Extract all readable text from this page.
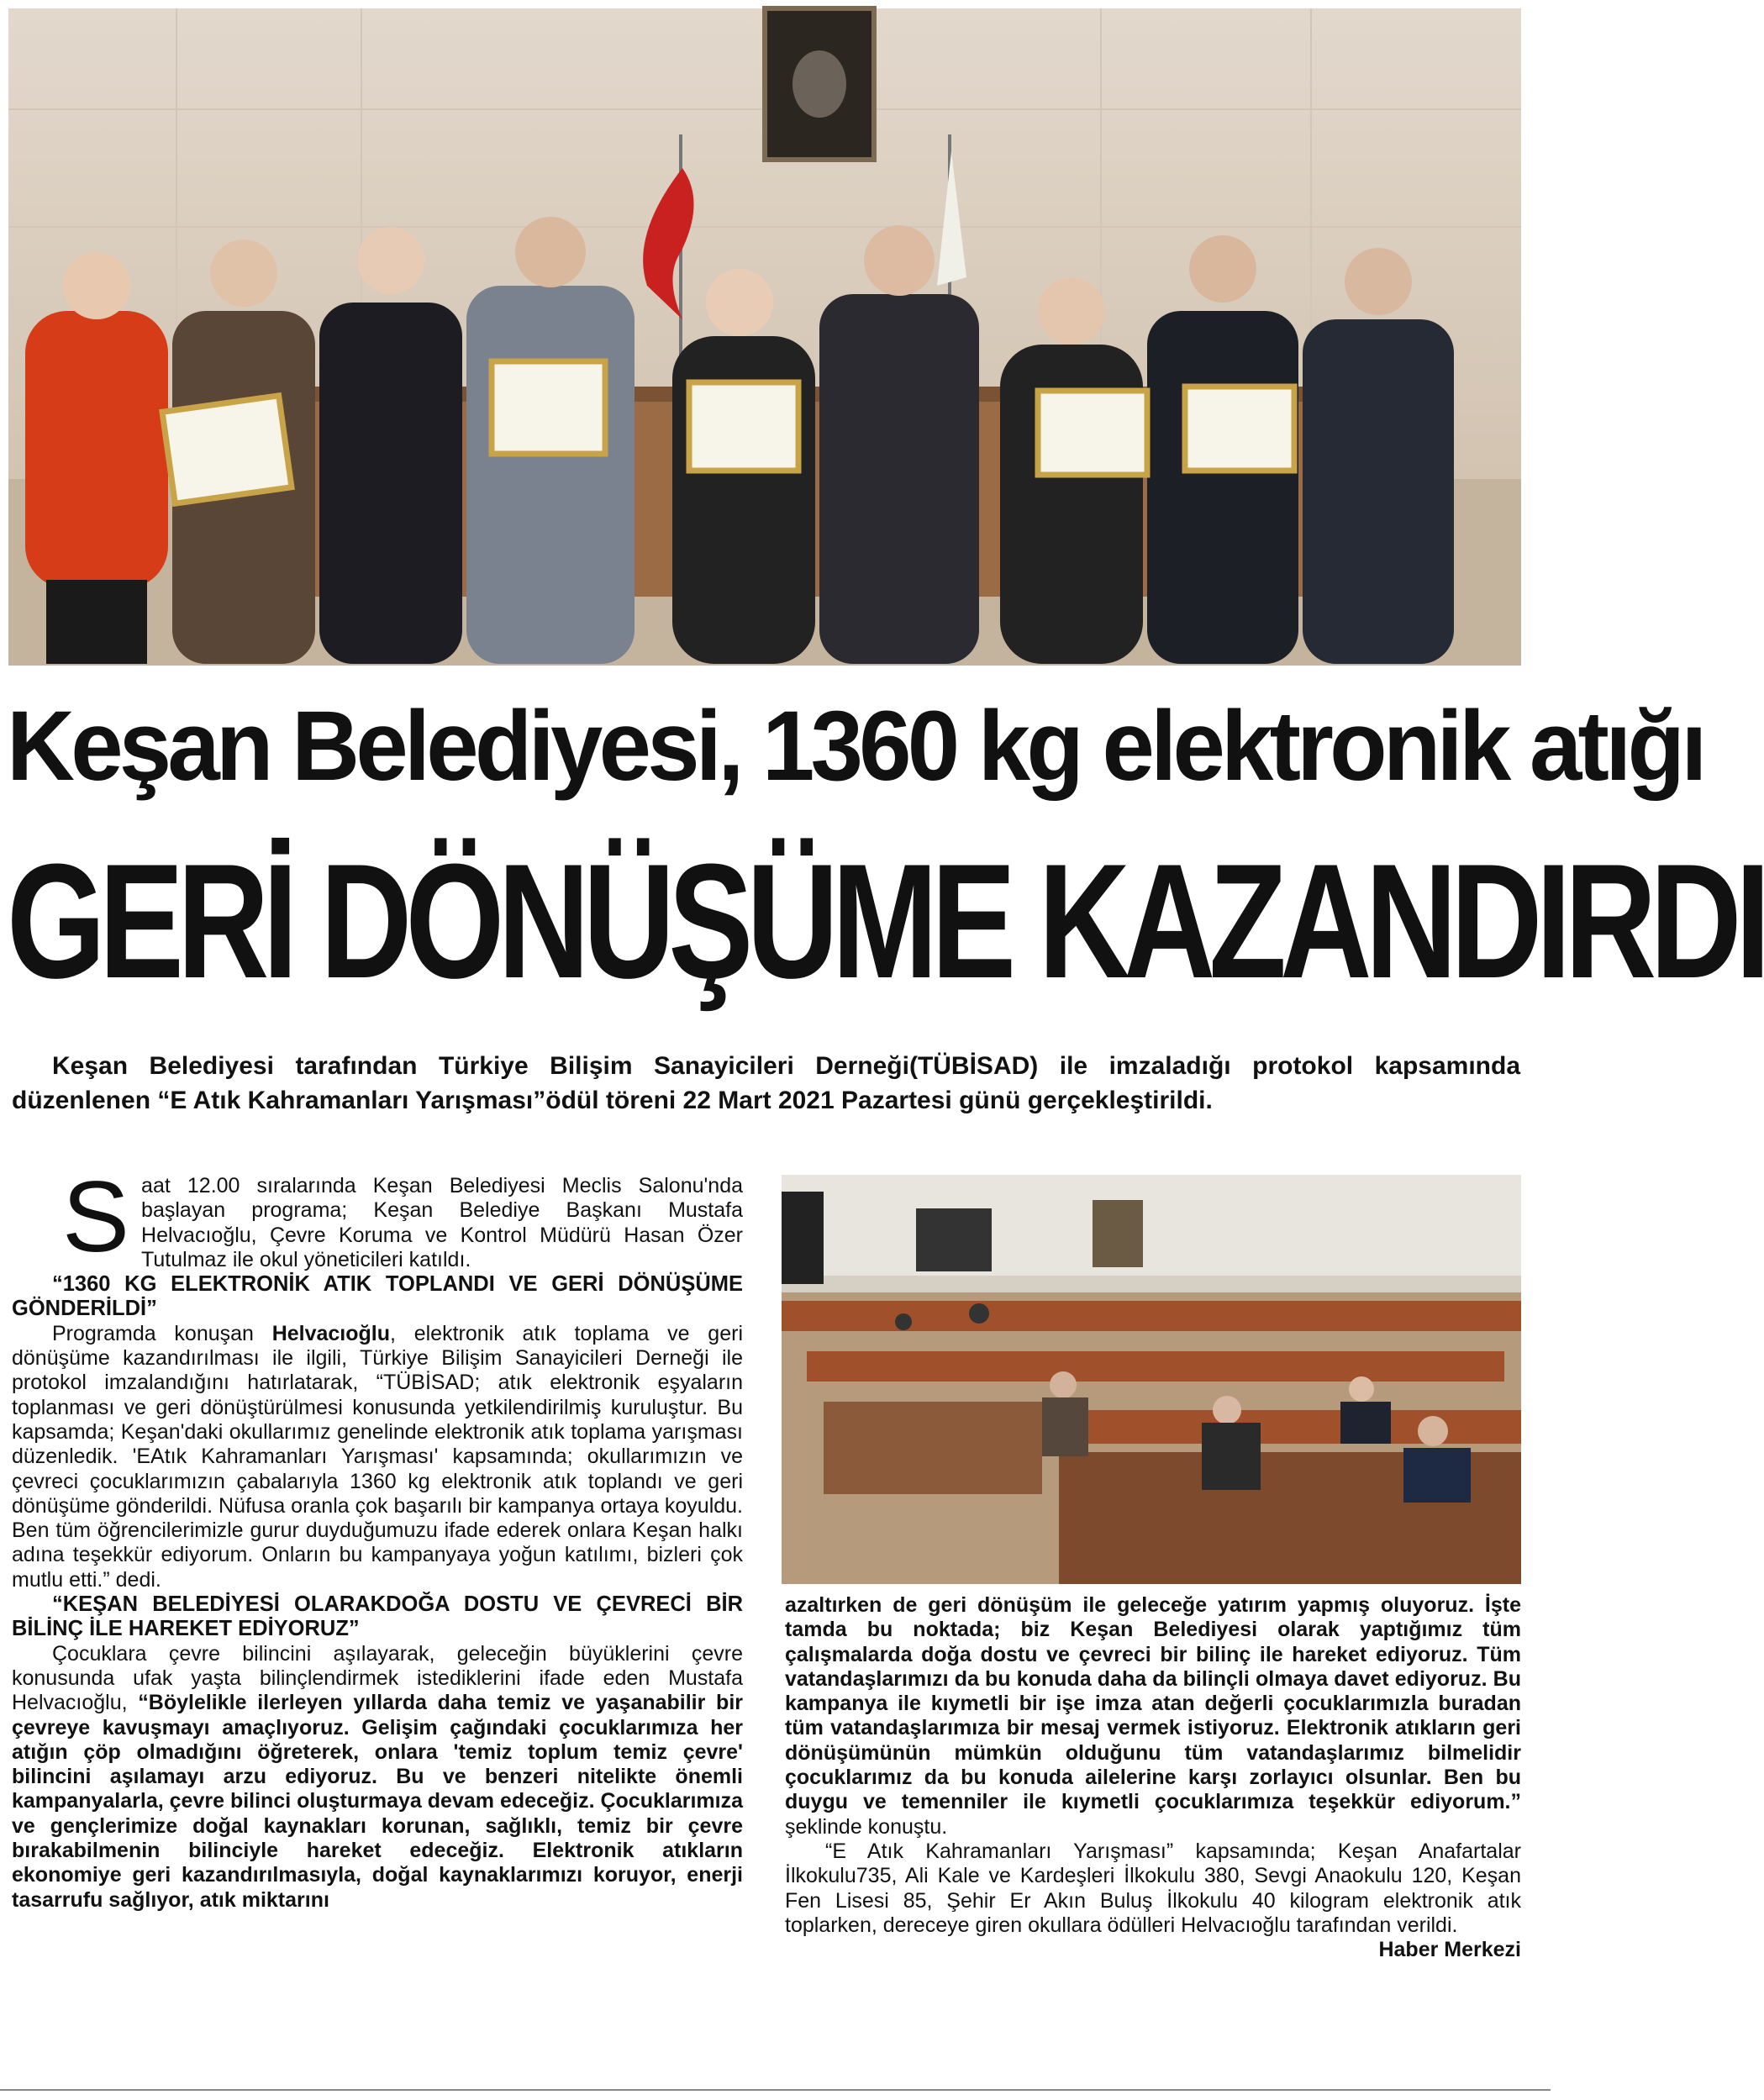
Keşan Belediyesi, 1360 kg elektronik atığı
GERİ DÖNÜŞÜME KAZANDIRDI

Keşan Belediyesi tarafından Türkiye Bilişim Sanayicileri Derneği(TÜBİSAD) ile imzaladığı protokol kapsamında düzenlenen “E Atık Kahramanları Yarışması”ödül töreni 22 Mart 2021 Pazartesi günü gerçekleştirildi.

S aat 12.00 sıralarında Keşan Belediyesi Meclis Salonu'nda başlayan programa; Keşan Belediye Başkanı Mustafa Helvacıoğlu, Çevre Koruma ve Kontrol Müdürü Hasan Özer Tutulmaz ile okul yöneticileri katıldı.

“1360 KG ELEKTRONİK ATIK TOPLANDI VE GERİ DÖNÜŞÜME GÖNDERİLDİ”

Programda konuşan Helvacıoğlu, elektronik atık toplama ve geri dönüşüme kazandırılması ile ilgili, Türkiye Bilişim Sanayicileri Derneği ile protokol imzalandığını hatırlatarak, “TÜBİSAD; atık elektronik eşyaların toplanması ve geri dönüştürülmesi konusunda yetkilendirilmiş kuruluştur. Bu kapsamda; Keşan'daki okullarımız genelinde elektronik atık toplama yarışması düzenledik. 'EAtık Kahramanları Yarışması' kapsamında; okullarımızın ve çevreci çocuklarımızın çabalarıyla 1360 kg elektronik atık toplandı ve geri dönüşüme gönderildi. Nüfusa oranla çok başarılı bir kampanya ortaya koyuldu. Ben tüm öğrencilerimizle gurur duyduğumuzu ifade ederek onlara Keşan halkı adına teşekkür ediyorum. Onların bu kampanyaya yoğun katılımı, bizleri çok mutlu etti.” dedi.

“KEŞAN BELEDİYESİ OLARAKDOĞA DOSTU VE ÇEVRECİ BİR BİLİNÇ İLE HAREKET EDİYORUZ”

Çocuklara çevre bilincini aşılayarak, geleceğin büyüklerini çevre konusunda ufak yaşta bilinçlendirmek istediklerini ifade eden Mustafa Helvacıoğlu, “Böylelikle ilerleyen yıllarda daha temiz ve yaşanabilir bir çevreye kavuşmayı amaçlıyoruz. Gelişim çağındaki çocuklarımıza her atığın çöp olmadığını öğreterek, onlara 'temiz toplum temiz çevre' bilincini aşılamayı arzu ediyoruz. Bu ve benzeri nitelikte önemli kampanyalarla, çevre bilinci oluşturmaya devam edeceğiz. Çocuklarımıza ve gençlerimize doğal kaynakları korunan, sağlıklı, temiz bir çevre bırakabilmenin bilinciyle hareket edeceğiz. Elektronik atıkların ekonomiye geri kazandırılmasıyla, doğal kaynaklarımızı koruyor, enerji tasarrufu sağlıyor, atık miktarını

azaltırken de geri dönüşüm ile geleceğe yatırım yapmış oluyoruz. İşte tamda bu noktada; biz Keşan Belediyesi olarak yaptığımız tüm çalışmalarda doğa dostu ve çevreci bir bilinç ile hareket ediyoruz. Tüm vatandaşlarımızı da bu konuda daha da bilinçli olmaya davet ediyoruz. Bu kampanya ile kıymetli bir işe imza atan değerli çocuklarımızla buradan tüm vatandaşlarımıza bir mesaj vermek istiyoruz. Elektronik atıkların geri dönüşümünün mümkün olduğunu tüm vatandaşlarımız bilmelidir çocuklarımız da bu konuda ailelerine karşı zorlayıcı olsunlar. Ben bu duygu ve temenniler ile kıymetli çocuklarımıza teşekkür ediyorum.” şeklinde konuştu.

“E Atık Kahramanları Yarışması” kapsamında; Keşan Anafartalar İlkokulu735, Ali Kale ve Kardeşleri İlkokulu 380, Sevgi Anaokulu 120, Keşan Fen Lisesi 85, Şehir Er Akın Buluş İlkokulu 40 kilogram elektronik atık toplarken, dereceye giren okullara ödülleri Helvacıoğlu tarafından verildi.

Haber Merkezi
